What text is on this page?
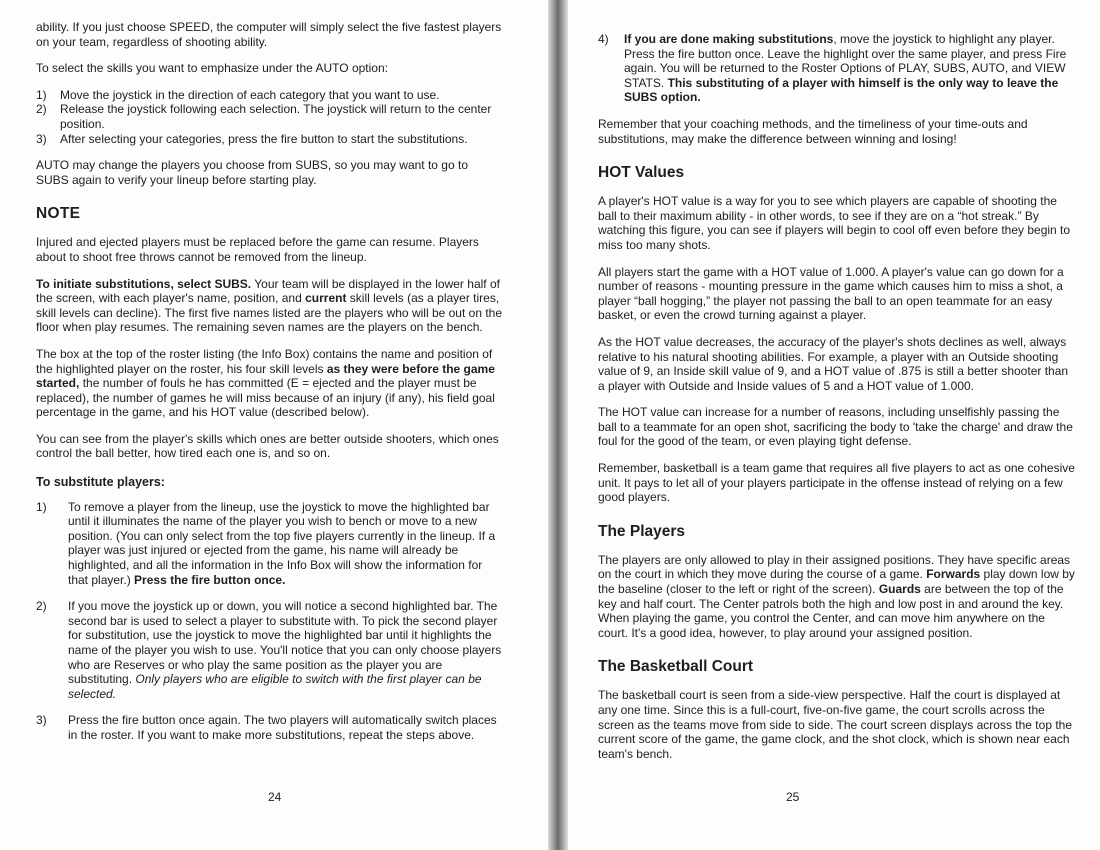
ability. If you just choose SPEED, the computer will simply select the five fastest players on your team, regardless of shooting ability.

To select the skills you want to emphasize under the AUTO option:

1)	Move the joystick in the direction of each category that you want to use.
2)	Release the joystick following each selection. The joystick will return to the center position.
3)	After selecting your categories, press the fire button to start the substitutions.

AUTO may change the players you choose from SUBS, so you may want to go to SUBS again to verify your lineup before starting play.

NOTE

Injured and ejected players must be replaced before the game can resume. Players about to shoot free throws cannot be removed from the lineup.

To initiate substitutions, select SUBS. Your team will be displayed in the lower half of the screen, with each player's name, position, and current skill levels (as a player tires, skill levels can decline). The first five names listed are the players who will be out on the floor when play resumes. The remaining seven names are the players on the bench.

The box at the top of the roster listing (the Info Box) contains the name and position of the highlighted player on the roster, his four skill levels as they were before the game started, the number of fouls he has committed (E = ejected and the player must be replaced), the number of games he will miss because of an injury (if any), his field goal percentage in the game, and his HOT value (described below).

You can see from the player's skills which ones are better outside shooters, which ones control the ball better, how tired each one is, and so on.

To substitute players:
1)	To remove a player from the lineup, use the joystick to move the highlighted bar until it illuminates the name of the player you wish to bench or move to a new position. (You can only select from the top five players currently in the lineup. If a player was just injured or ejected from the game, his name will already be highlighted, and all the information in the Info Box will show the information for that player.) Press the fire button once.
2)	If you move the joystick up or down, you will notice a second highlighted bar. The second bar is used to select a player to substitute with. To pick the second player for substitution, use the joystick to move the highlighted bar until it highlights the name of the player you wish to use. You'll notice that you can only choose players who are Reserves or who play the same position as the player you are substituting. Only players who are eligible to switch with the first player can be selected.
3)	Press the fire button once again. The two players will automatically switch places in the roster. If you want to make more substitutions, repeat the steps above.
24
4)	If you are done making substitutions, move the joystick to highlight any player. Press the fire button once. Leave the highlight over the same player, and press Fire again. You will be returned to the Roster Options of PLAY, SUBS, AUTO, and VIEW STATS. This substituting of a player with himself is the only way to leave the SUBS option.

Remember that your coaching methods, and the timeliness of your time-outs and substitutions, may make the difference between winning and losing!

HOT Values

A player's HOT value is a way for you to see which players are capable of shooting the ball to their maximum ability - in other words, to see if they are on a “hot streak.” By watching this figure, you can see if players will begin to cool off even before they begin to miss too many shots.

All players start the game with a HOT value of 1.000. A player's value can go down for a number of reasons - mounting pressure in the game which causes him to miss a shot, a player “ball hogging,” the player not passing the ball to an open teammate for an easy basket, or even the crowd turning against a player.

As the HOT value decreases, the accuracy of the player's shots declines as well, always relative to his natural shooting abilities. For example, a player with an Outside shooting value of 9, an Inside skill value of 9, and a HOT value of .875 is still a better shooter than a player with Outside and Inside values of 5 and a HOT value of 1.000.

The HOT value can increase for a number of reasons, including unselfishly passing the ball to a teammate for an open shot, sacrificing the body to 'take the charge' and draw the foul for the good of the team, or even playing tight defense.

Remember, basketball is a team game that requires all five players to act as one cohesive unit. It pays to let all of your players participate in the offense instead of relying on a few good players.

The Players

The players are only allowed to play in their assigned positions. They have specific areas on the court in which they move during the course of a game. Forwards play down low by the baseline (closer to the left or right of the screen). Guards are between the top of the key and half court. The Center patrols both the high and low post in and around the key. When playing the game, you control the Center, and can move him anywhere on the court. It's a good idea, however, to play around your assigned position.

The Basketball Court

The basketball court is seen from a side-view perspective. Half the court is displayed at any one time. Since this is a full-court, five-on-five game, the court scrolls across the screen as the teams move from side to side. The court screen displays across the top the current score of the game, the game clock, and the shot clock, which is shown near each team's bench.

25
